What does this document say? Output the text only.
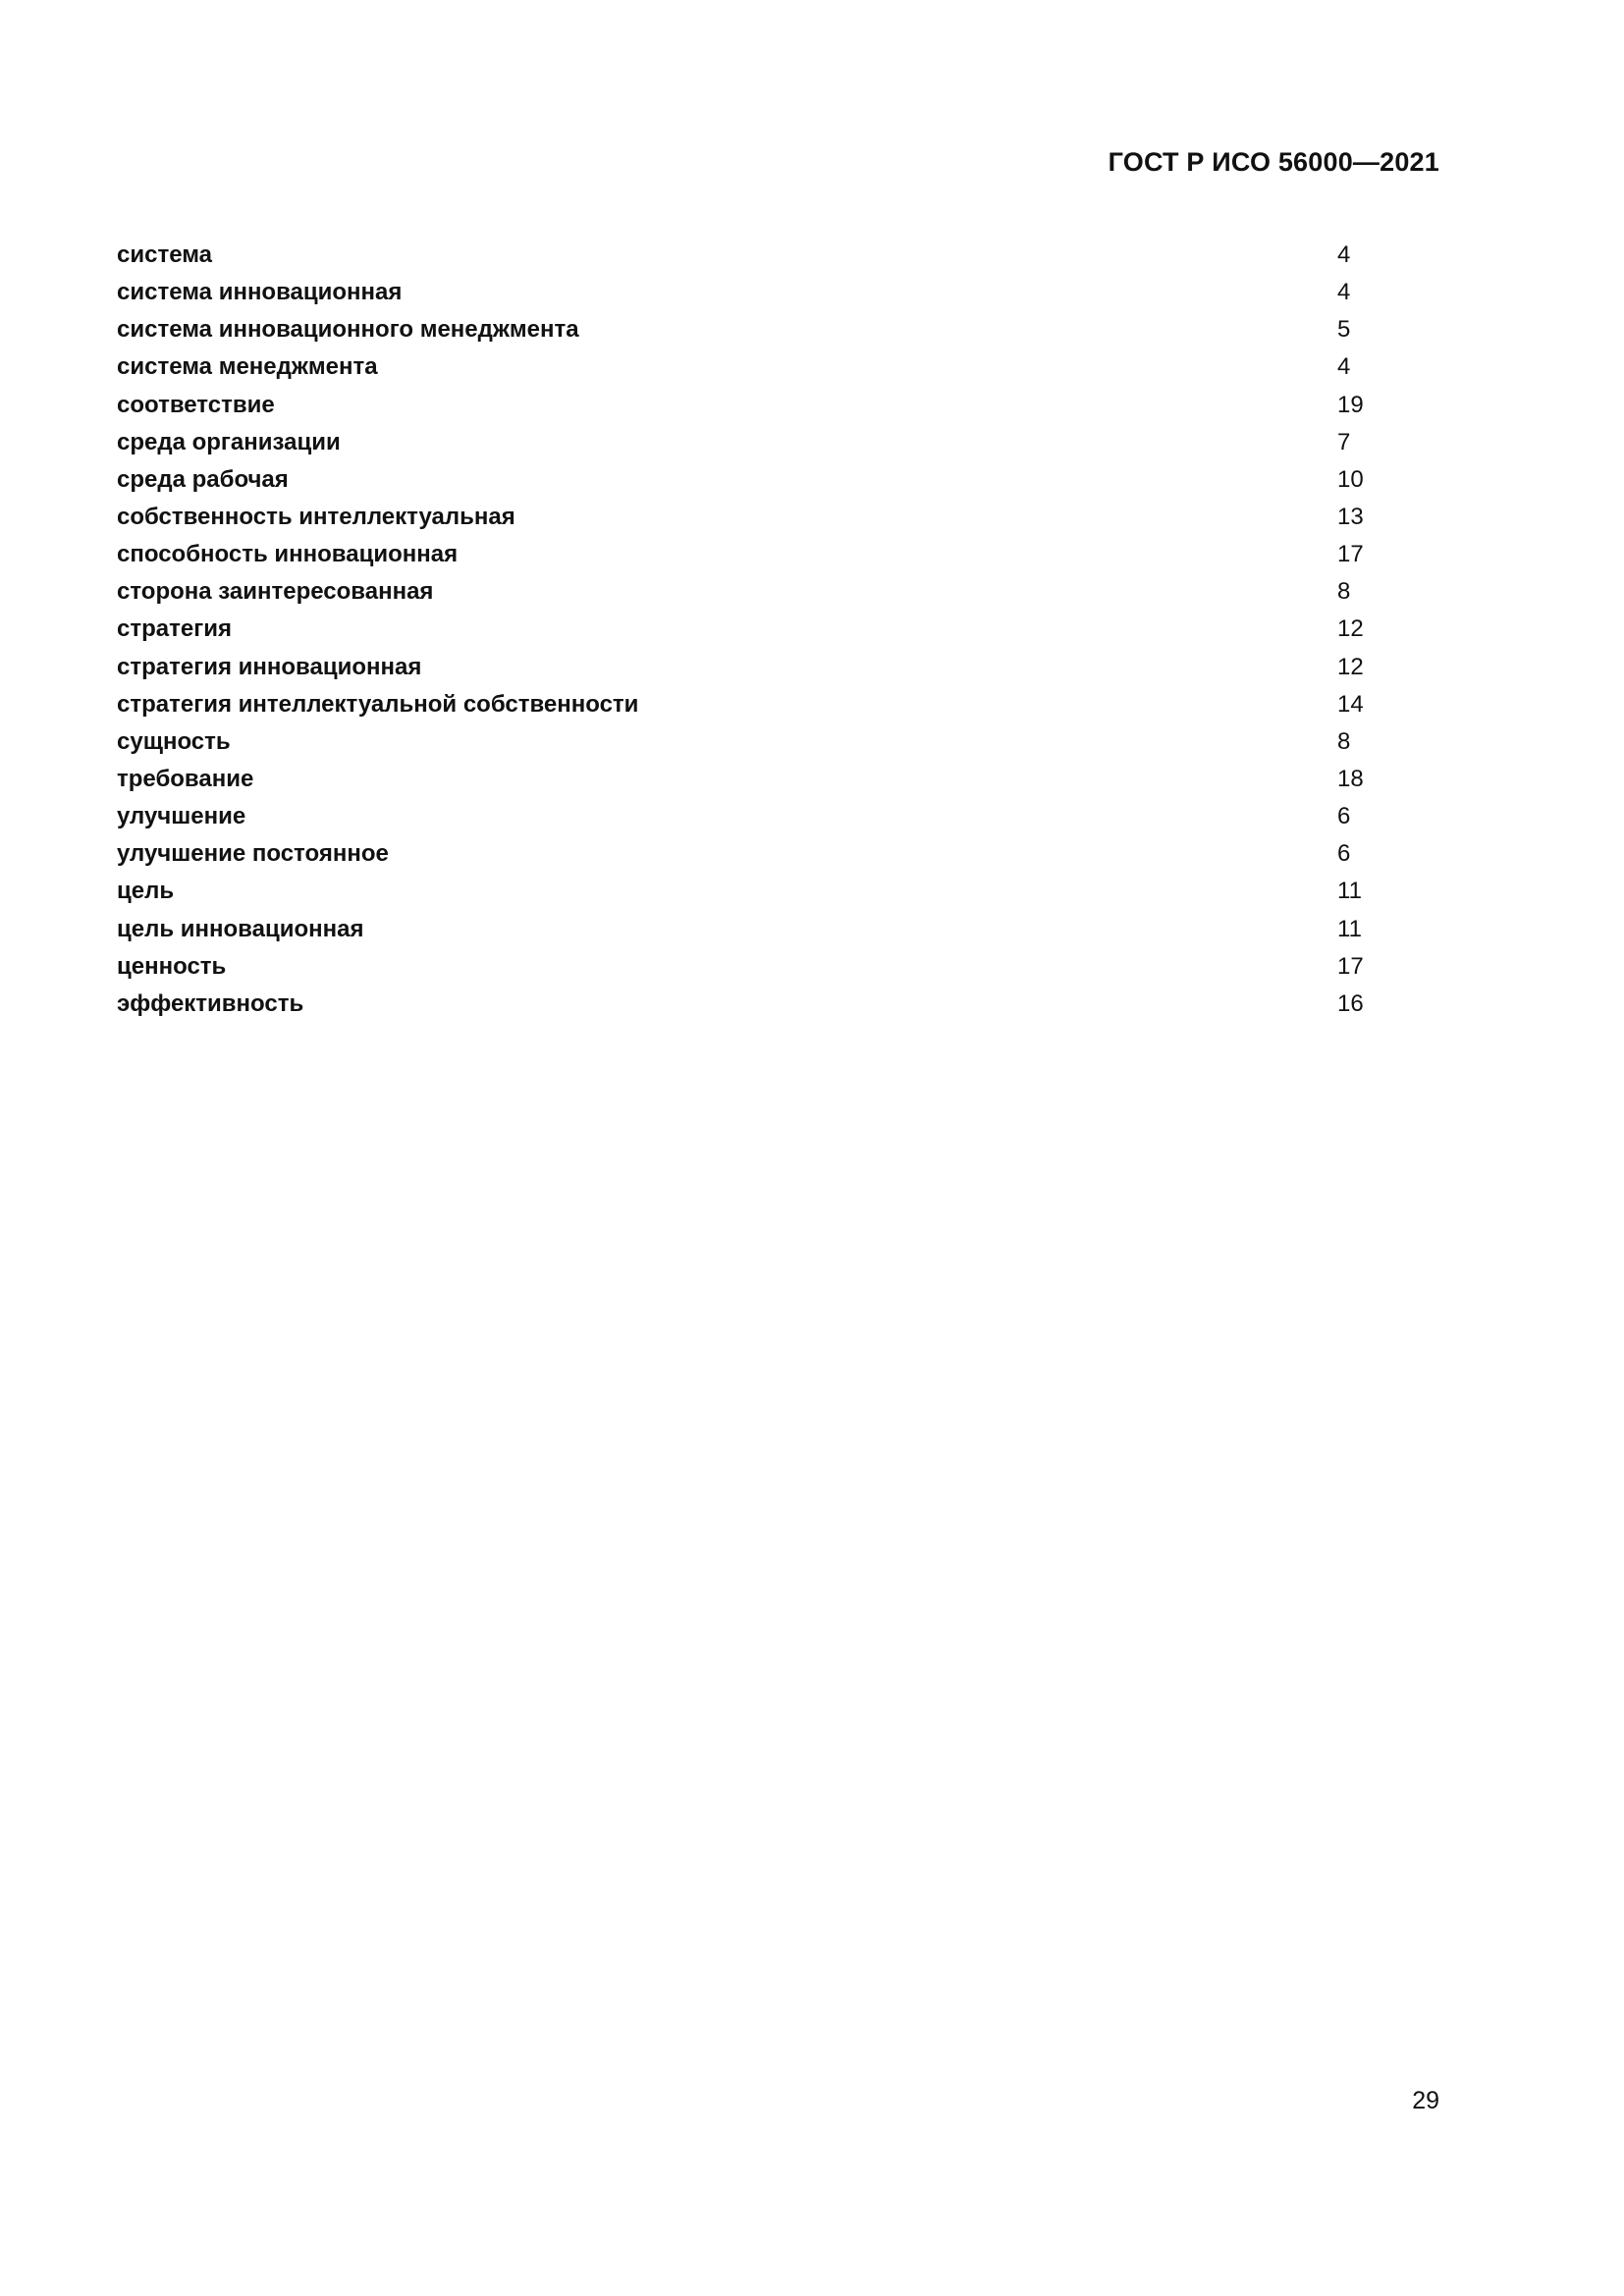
ГОСТ Р ИСО 56000—2021
система	4
система инновационная	4
система инновационного менеджмента	5
система менеджмента	4
соответствие	19
среда организации	7
среда рабочая	10
собственность интеллектуальная	13
способность инновационная	17
сторона заинтересованная	8
стратегия	12
стратегия инновационная	12
стратегия интеллектуальной собственности	14
сущность	8
требование	18
улучшение	6
улучшение постоянное	6
цель	11
цель инновационная	11
ценность	17
эффективность	16
29
